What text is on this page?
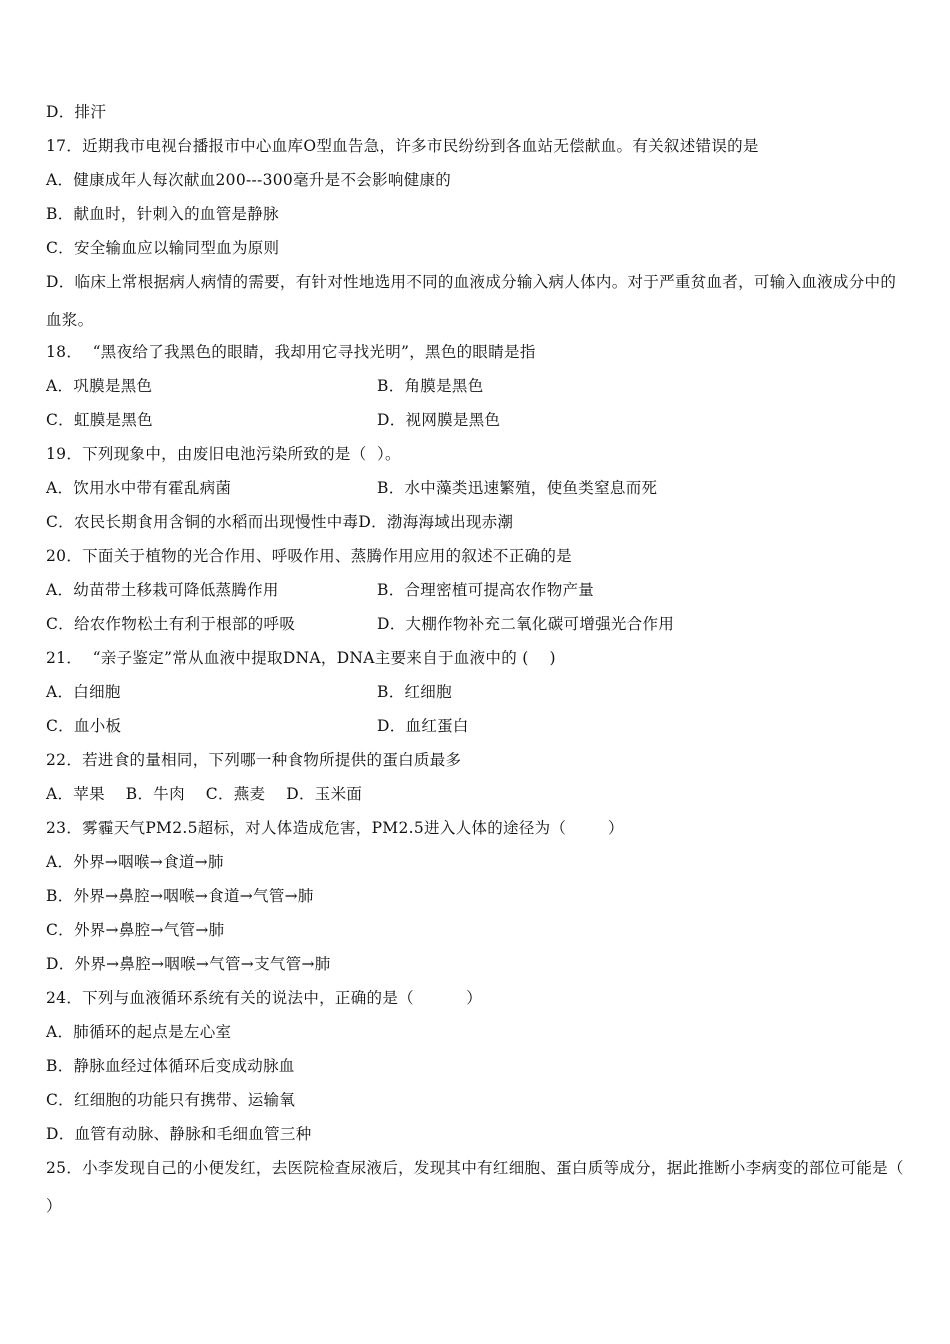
D．排汗
17．近期我市电视台播报市中心血库O型血告急，许多市民纷纷到各血站无偿献血。有关叙述错误的是
A．健康成年人每次献血200---300毫升是不会影响健康的
B．献血时，针刺入的血管是静脉
C．安全输血应以输同型血为原则
D．临床上常根据病人病情的需要，有针对性地选用不同的血液成分输入病人体内。对于严重贫血者，可输入血液成分中的血浆。
18．  “黑夜给了我黑色的眼睛，我却用它寻找光明”，黑色的眼睛是指
A．巩膜是黑色	B．角膜是黑色
C．虹膜是黑色	D．视网膜是黑色
19．下列现象中，由废旧电池污染所致的是（  ）。
A．饮用水中带有霍乱病菌	B．水中藻类迅速繁殖，使鱼类窒息而死
C．农民长期食用含铜的水稻而出现慢性中毒D．渤海海域出现赤潮
20．下面关于植物的光合作用、呼吸作用、蒸腾作用应用的叙述不正确的是
A．幼苗带土移栽可降低蒸腾作用	B．合理密植可提高农作物产量
C．给农作物松土有利于根部的呼吸	D．大棚作物补充二氧化碳可增强光合作用
21．  “亲子鉴定”常从血液中提取DNA，DNA主要来自于血液中的 (    )
A．白细胞	B．红细胞
C．血小板	D．血红蛋白
22．若进食的量相同，下列哪一种食物所提供的蛋白质最多
A．苹果    B．牛肉    C．燕麦    D．玉米面
23．雾霾天气PM2.5超标，对人体造成危害，PM2.5进入人体的途径为（        ）
A．外界→咽喉→食道→肺
B．外界→鼻腔→咽喉→食道→气管→肺
C．外界→鼻腔→气管→肺
D．外界→鼻腔→咽喉→气管→支气管→肺
24．下列与血液循环系统有关的说法中，正确的是（          ）
A．肺循环的起点是左心室
B．静脉血经过体循环后变成动脉血
C．红细胞的功能只有携带、运输氧
D．血管有动脉、静脉和毛细血管三种
25．小李发现自己的小便发红，去医院检查尿液后，发现其中有红细胞、蛋白质等成分，据此推断小李病变的部位可能是（ ）
